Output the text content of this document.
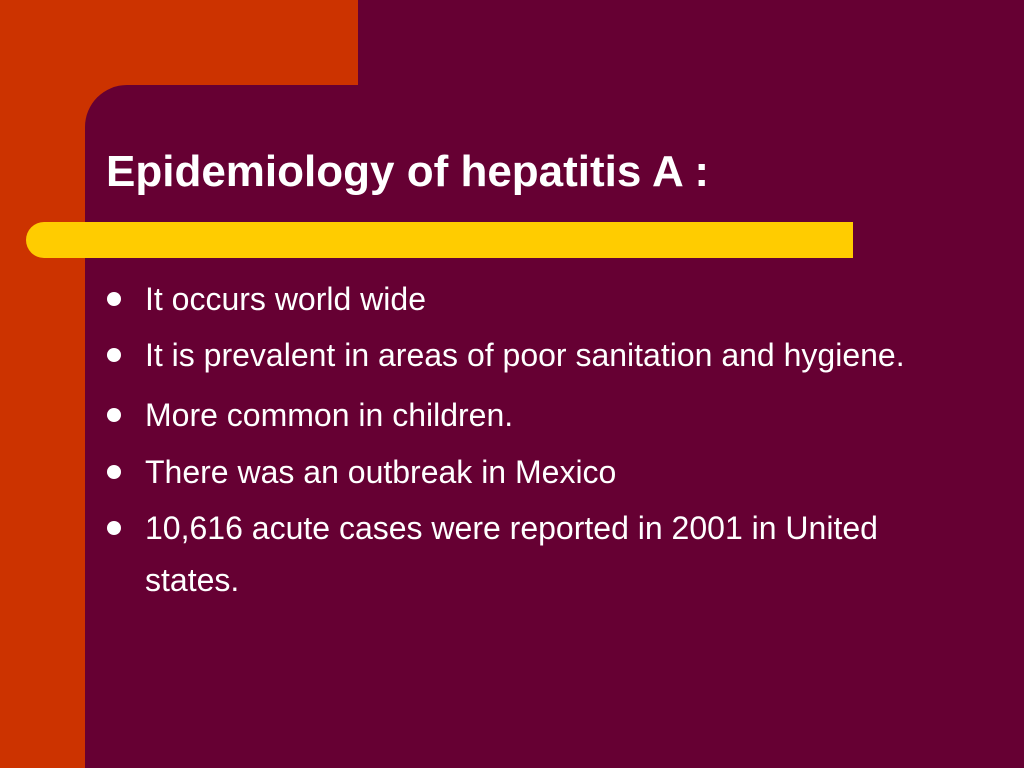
Epidemiology of hepatitis A :
It occurs world wide
It is prevalent in areas of poor sanitation and hygiene.
More common in children.
There was an outbreak in Mexico
10,616 acute cases were reported in 2001 in United states.
